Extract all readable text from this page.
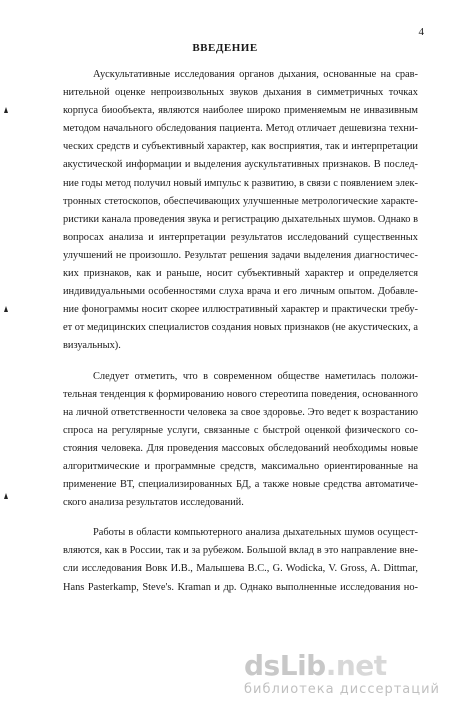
4
ВВЕДЕНИЕ
Аускультативные исследования органов дыхания, основанные на срав-
нительной оценке непроизвольных звуков дыхания в симметричных точках
корпуса биообъекта, являются наиболее широко применяемым не инвазивным
методом начального обследования пациента. Метод отличает дешевизна техни-
ческих средств и субъективный характер, как восприятия, так и интерпретации
акустической информации и выделения аускультативных признаков. В послед-
ние годы метод получил новый импульс к развитию, в связи с появлением элек-
тронных стетоскопов, обеспечивающих улучшенные метрологические характе-
ристики канала проведения звука и регистрацию дыхательных шумов. Однако в
вопросах анализа и интерпретации результатов исследований существенных
улучшений не произошло. Результат решения задачи выделения диагностичес-
ких признаков, как и раньше, носит субъективный характер и определяется
индивидуальными особенностями слуха врача и его личным опытом. Добавле-
ние фонограммы носит скорее иллюстративный характер и практически требу-
ет от медицинских специалистов создания новых признаков (не акустических, а
визуальных).
Следует отметить, что в современном обществе наметилась положи-
тельная тенденция к формированию нового стереотипа поведения, основанного
на личной ответственности человека за свое здоровье. Это ведет к возрастанию
спроса на регулярные услуги, связанные с быстрой оценкой физического со-
стояния человека. Для проведения массовых обследований необходимы новые
алгоритмические и программные средств, максимально ориентированные на
применение ВТ, специализированных БД, а также новые средства автоматиче-
ского анализа результатов исследований.
Работы в области компьютерного анализа дыхательных шумов осущест-
вляются, как в России, так и за рубежом. Большой вклад в это направление вне-
сли исследования Вовк И.В., Малышева В.С., G. Wodicka, V. Gross, A. Dittmar,
Hans Pasterkamp, Steve's. Kraman и др. Однако выполненные исследования но-
dsLib.net
библиотека диссертаций
